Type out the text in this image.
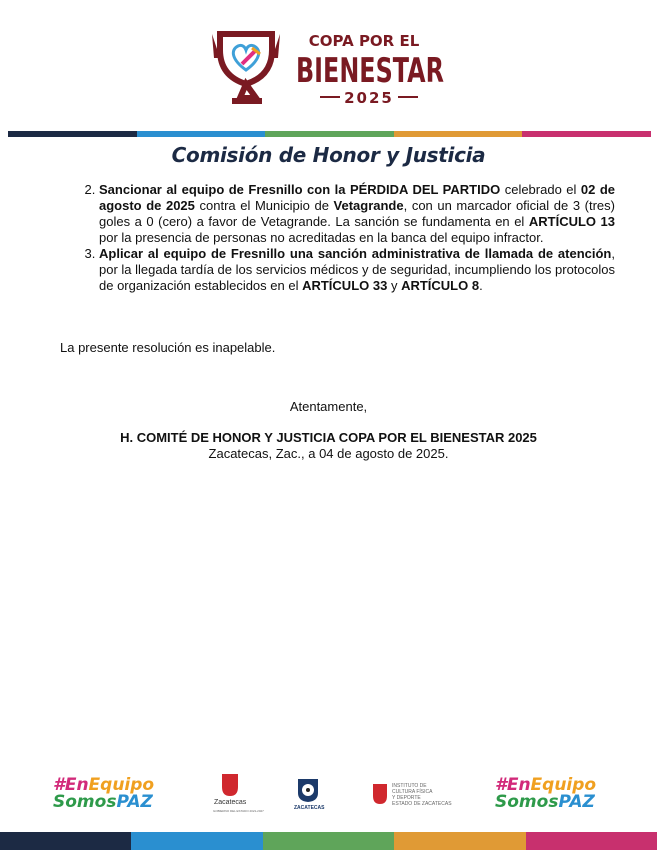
COPA POR EL
BIENESTAR
2025
Comisión de Honor y Justicia
2. Sancionar al equipo de Fresnillo con la PÉRDIDA DEL PARTIDO celebrado el 02 de agosto de 2025 contra el Municipio de Vetagrande, con un marcador oficial de 3 (tres) goles a 0 (cero) a favor de Vetagrande. La sanción se fundamenta en el ARTÍCULO 13 por la presencia de personas no acreditadas en la banca del equipo infractor.
3. Aplicar al equipo de Fresnillo una sanción administrativa de llamada de atención, por la llegada tardía de los servicios médicos y de seguridad, incumpliendo los protocolos de organización establecidos en el ARTÍCULO 33 y ARTÍCULO 8.
La presente resolución es inapelable.
Atentamente,
H. COMITÉ DE HONOR Y JUSTICIA COPA POR EL BIENESTAR 2025
Zacatecas, Zac., a 04 de agosto de 2025.
#EnEquipo
SomosPAZ	Zacatecas
GOBIERNO DEL ESTADO 2021-2027	ZACATECAS
INSTITUTO DE
CULTURA FÍSICA
Y DEPORTE
ESTADO DE ZACATECAS
#EnEquipo
SomosPAZ
